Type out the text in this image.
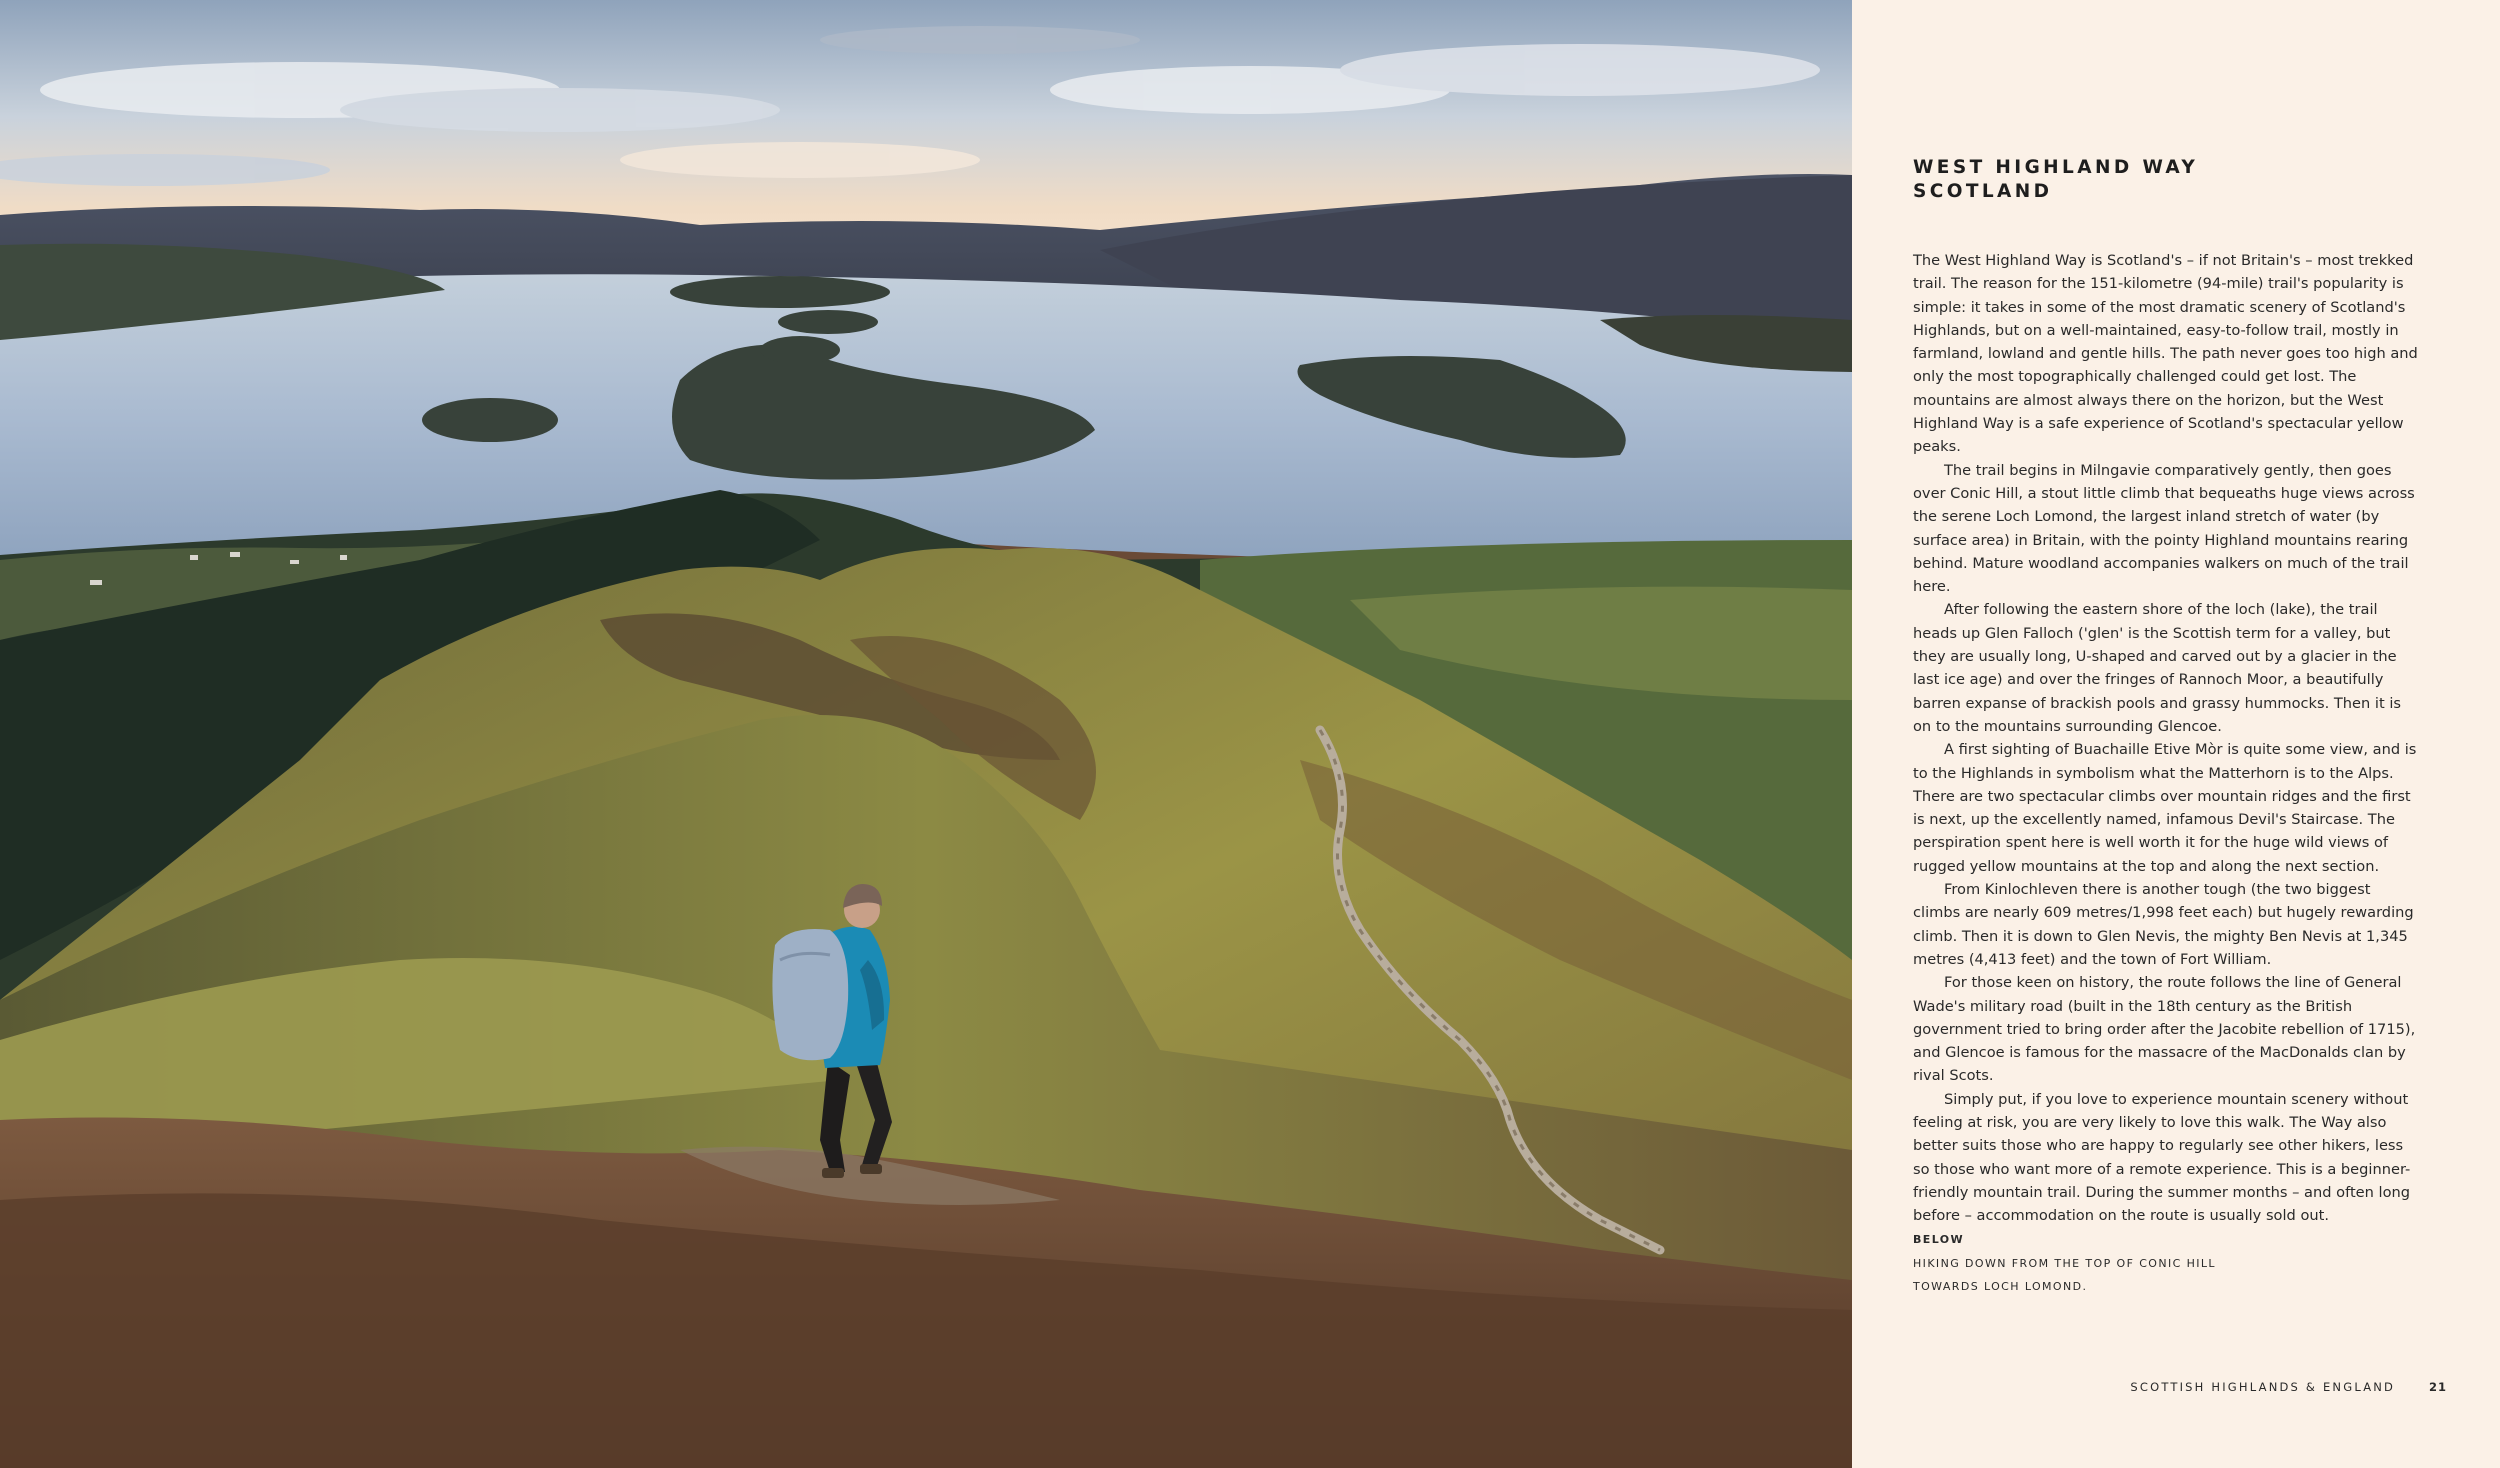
WEST HIGHLAND WAY
SCOTLAND

The West Highland Way is Scotland's – if not Britain's – most trekked trail. The reason for the 151-kilometre (94-mile) trail's popularity is simple: it takes in some of the most dramatic scenery of Scotland's Highlands, but on a well-maintained, easy-to-follow trail, mostly in farmland, lowland and gentle hills. The path never goes too high and only the most topographically challenged could get lost. The mountains are almost always there on the horizon, but the West Highland Way is a safe experience of Scotland's spectacular yellow peaks.

The trail begins in Milngavie comparatively gently, then goes over Conic Hill, a stout little climb that bequeaths huge views across the serene Loch Lomond, the largest inland stretch of water (by surface area) in Britain, with the pointy Highland mountains rearing behind. Mature woodland accompanies walkers on much of the trail here.

After following the eastern shore of the loch (lake), the trail heads up Glen Falloch ('glen' is the Scottish term for a valley, but they are usually long, U-shaped and carved out by a glacier in the last ice age) and over the fringes of Rannoch Moor, a beautifully barren expanse of brackish pools and grassy hummocks. Then it is on to the mountains surrounding Glencoe.

A first sighting of Buachaille Etive Mòr is quite some view, and is to the Highlands in symbolism what the Matterhorn is to the Alps. There are two spectacular climbs over mountain ridges and the first is next, up the excellently named, infamous Devil's Staircase. The perspiration spent here is well worth it for the huge wild views of rugged yellow mountains at the top and along the next section.

From Kinlochleven there is another tough (the two biggest climbs are nearly 609 metres/1,998 feet each) but hugely rewarding climb. Then it is down to Glen Nevis, the mighty Ben Nevis at 1,345 metres (4,413 feet) and the town of Fort William.

For those keen on history, the route follows the line of General Wade's military road (built in the 18th century as the British government tried to bring order after the Jacobite rebellion of 1715), and Glencoe is famous for the massacre of the MacDonalds clan by rival Scots.

Simply put, if you love to experience mountain scenery without feeling at risk, you are very likely to love this walk. The Way also better suits those who are happy to regularly see other hikers, less so those who want more of a remote experience. This is a beginner-friendly mountain trail. During the summer months – and often long before – accommodation on the route is usually sold out.

BELOW
HIKING DOWN FROM THE TOP OF CONIC HILL TOWARDS LOCH LOMOND.
SCOTTISH HIGHLANDS & ENGLAND	21
